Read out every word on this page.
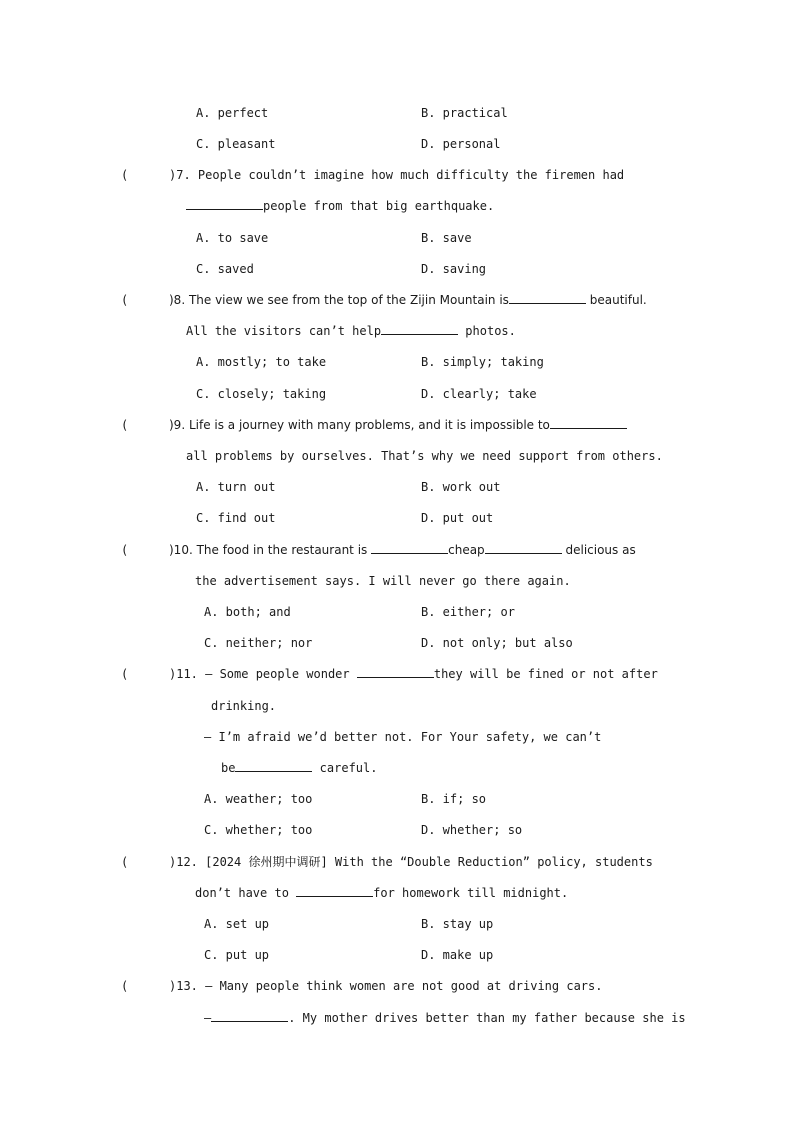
A. perfect	B. practical
C. pleasant	D. personal
(	)7. People couldn’t imagine how much difficulty the firemen had
people from that big earthquake.
A. to save	B. save
C. saved	D. saving
(	)8. The view we see from the top of the Zijin Mountain is	beautiful.
All the visitors can’t help	photos.
A. mostly; to take	B. simply; taking
C. closely; taking	D. clearly; take
(	)9. Life is a journey with many problems, and it is impossible to
all problems by ourselves. That’s why we need support from others.
A. turn out	B. work out
C. find out	D. put out
(	)10. The food in the restaurant is	cheap	delicious as
the advertisement says. I will never go there again.
A. both; and	B. either; or
C. neither; nor	D. not only; but also
(	)11. — Some people wonder	they will be fined or not after
drinking.
— I’m afraid we’d better not. For Your safety, we can’t
be	careful.
A. weather; too	B. if; so
C. whether; too	D. whether; so
(	)12. [2024 徐州期中调研] With the “Double Reduction” policy, students
don’t have to	for homework till midnight.
A. set up	B. stay up
C. put up	D. make up
(	)13. — Many people think women are not good at driving cars.
—	. My mother drives better than my father because she is
